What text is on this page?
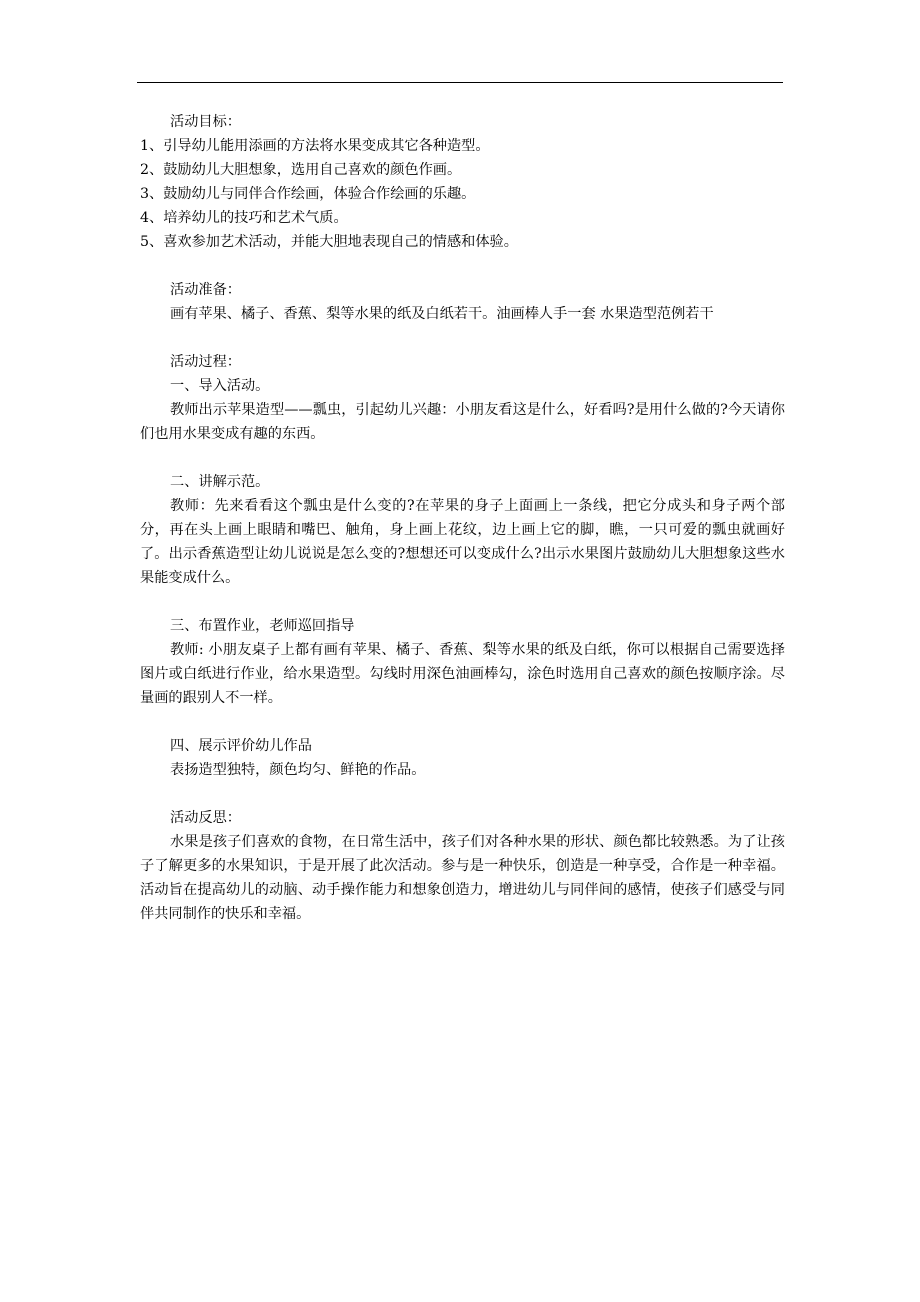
活动目标：

1、引导幼儿能用添画的方法将水果变成其它各种造型。

2、鼓励幼儿大胆想象，选用自己喜欢的颜色作画。

3、鼓励幼儿与同伴合作绘画，体验合作绘画的乐趣。

4、培养幼儿的技巧和艺术气质。

5、喜欢参加艺术活动，并能大胆地表现自己的情感和体验。

活动准备：

画有苹果、橘子、香蕉、梨等水果的纸及白纸若干。油画棒人手一套 水果造型范例若干

活动过程：

一、导入活动。

教师出示苹果造型——瓢虫，引起幼儿兴趣：小朋友看这是什么，好看吗?是用什么做的?今天请你们也用水果变成有趣的东西。

二、讲解示范。

教师：先来看看这个瓢虫是什么变的?在苹果的身子上面画上一条线，把它分成头和身子两个部分，再在头上画上眼睛和嘴巴、触角，身上画上花纹，边上画上它的脚，瞧，一只可爱的瓢虫就画好了。出示香蕉造型让幼儿说说是怎么变的?想想还可以变成什么?出示水果图片鼓励幼儿大胆想象这些水果能变成什么。

三、布置作业，老师巡回指导

教师: 小朋友桌子上都有画有苹果、橘子、香蕉、梨等水果的纸及白纸，你可以根据自己需要选择图片或白纸进行作业，给水果造型。勾线时用深色油画棒勾，涂色时选用自己喜欢的颜色按顺序涂。尽量画的跟别人不一样。

四、展示评价幼儿作品

表扬造型独特，颜色均匀、鲜艳的作品。

活动反思：

水果是孩子们喜欢的食物，在日常生活中，孩子们对各种水果的形状、颜色都比较熟悉。为了让孩子了解更多的水果知识，于是开展了此次活动。参与是一种快乐，创造是一种享受，合作是一种幸福。活动旨在提高幼儿的动脑、动手操作能力和想象创造力，增进幼儿与同伴间的感情，使孩子们感受与同伴共同制作的快乐和幸福。
